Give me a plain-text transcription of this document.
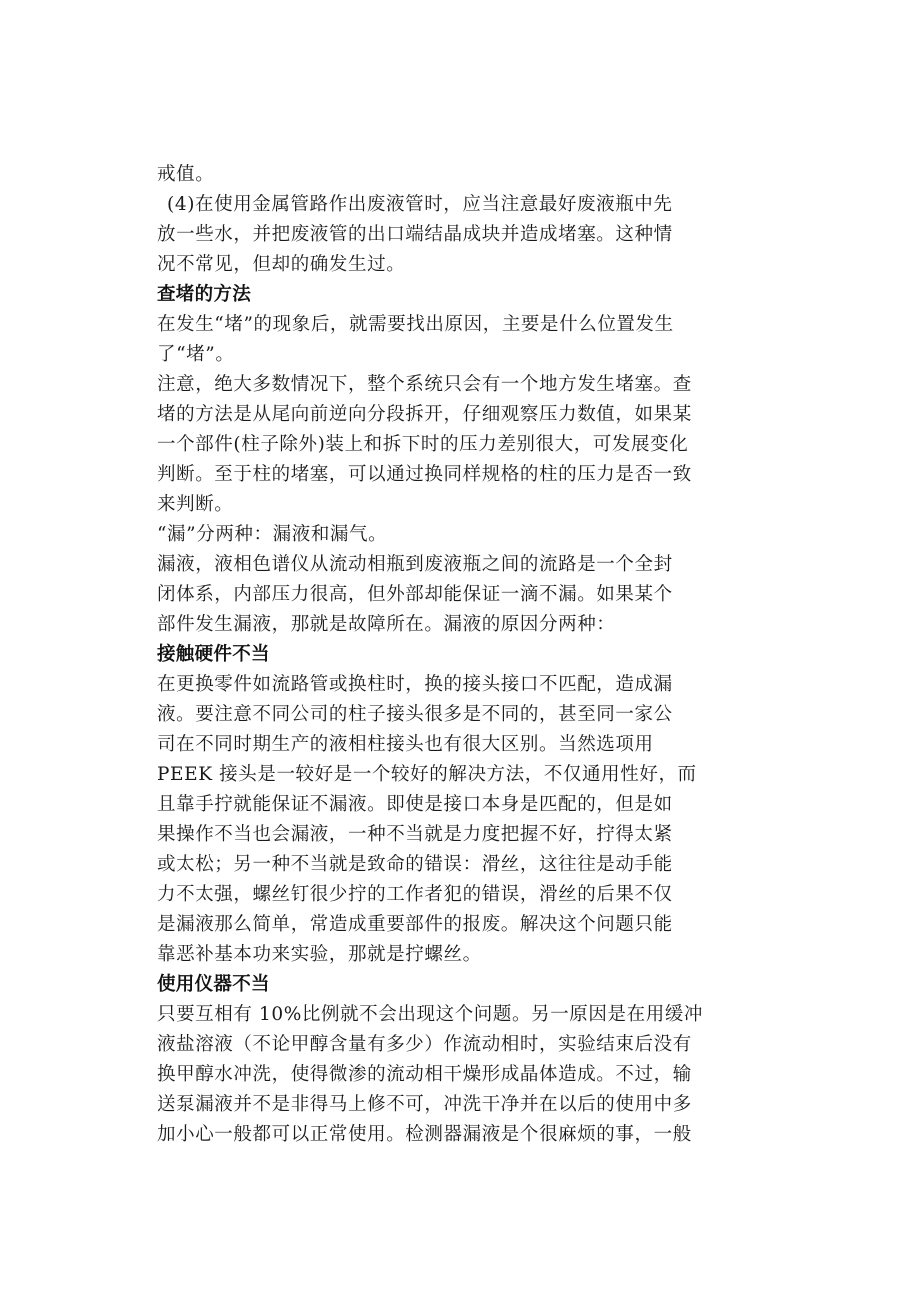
戒值。
(4)在使用金属管路作出废液管时，应当注意最好废液瓶中先
放一些水，并把废液管的出口端结晶成块并造成堵塞。这种情
况不常见，但却的确发生过。
查堵的方法
在发生“堵”的现象后，就需要找出原因，主要是什么位置发生
了“堵”。
注意，绝大多数情况下，整个系统只会有一个地方发生堵塞。查
堵的方法是从尾向前逆向分段拆开，仔细观察压力数值，如果某
一个部件(柱子除外)装上和拆下时的压力差别很大，可发展变化
判断。至于柱的堵塞，可以通过换同样规格的柱的压力是否一致
来判断。
“漏”分两种：漏液和漏气。
漏液，液相色谱仪从流动相瓶到废液瓶之间的流路是一个全封
闭体系，内部压力很高，但外部却能保证一滴不漏。如果某个
部件发生漏液，那就是故障所在。漏液的原因分两种：
接触硬件不当
在更换零件如流路管或换柱时，换的接头接口不匹配，造成漏
液。要注意不同公司的柱子接头很多是不同的，甚至同一家公
司在不同时期生产的液相柱接头也有很大区别。当然选项用
PEEK 接头是一较好是一个较好的解决方法，不仅通用性好，而
且靠手拧就能保证不漏液。即使是接口本身是匹配的，但是如
果操作不当也会漏液，一种不当就是力度把握不好，拧得太紧
或太松；另一种不当就是致命的错误：滑丝，这往往是动手能
力不太强，螺丝钉很少拧的工作者犯的错误，滑丝的后果不仅
是漏液那么简单，常造成重要部件的报废。解决这个问题只能
靠恶补基本功来实验，那就是拧螺丝。
使用仪器不当
只要互相有 10%比例就不会出现这个问题。另一原因是在用缓冲
液盐溶液（不论甲醇含量有多少）作流动相时，实验结束后没有
换甲醇水冲洗，使得微渗的流动相干燥形成晶体造成。不过，输
送泵漏液并不是非得马上修不可，冲洗干净并在以后的使用中多
加小心一般都可以正常使用。检测器漏液是个很麻烦的事，一般
